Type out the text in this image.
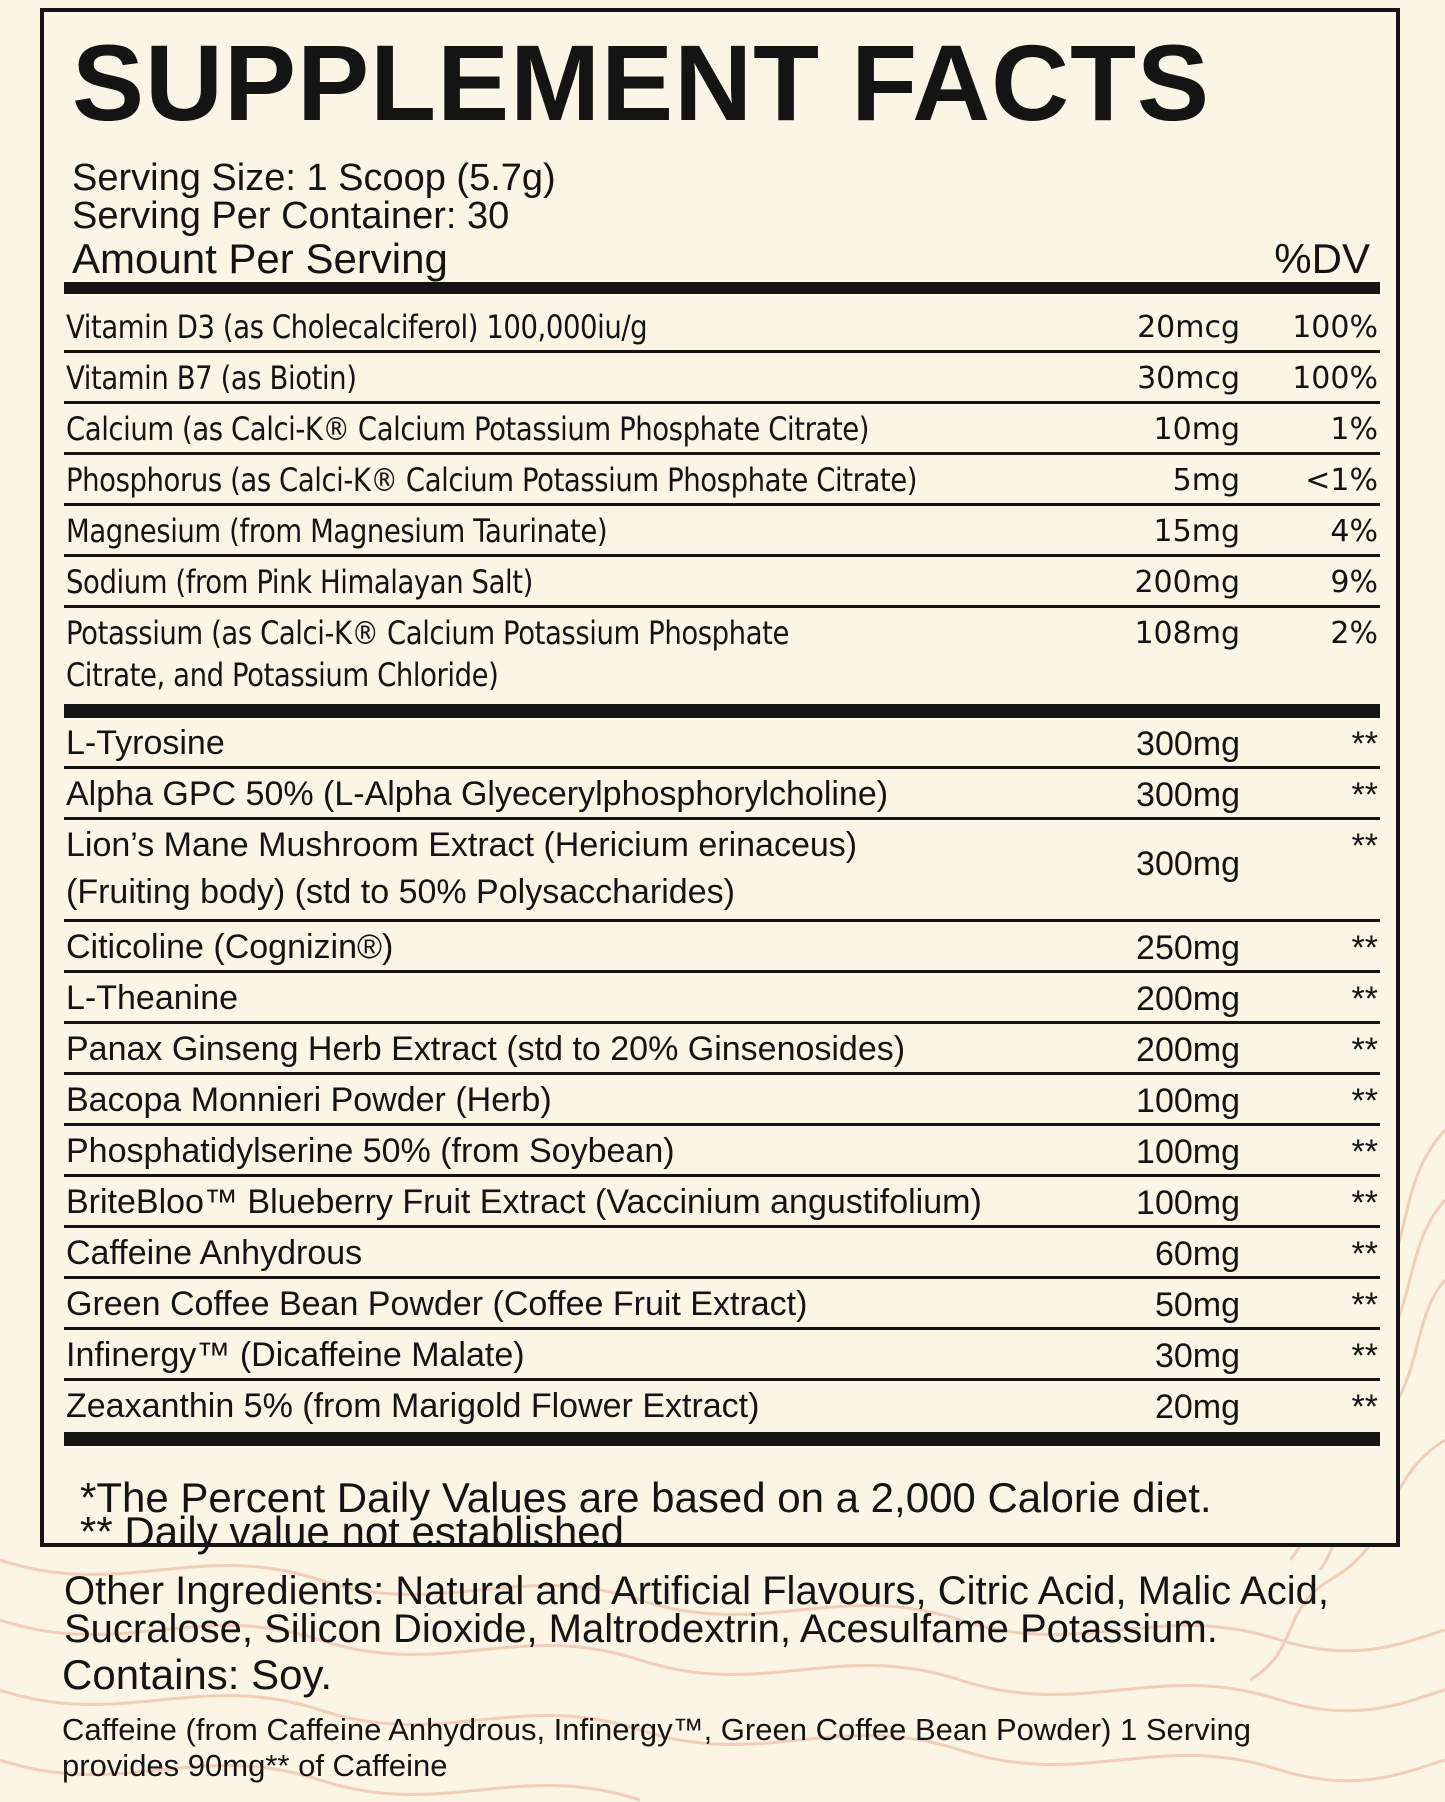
SUPPLEMENT FACTS
Serving Size: 1 Scoop (5.7g)
Serving Per Container: 30
Amount Per Serving	%DV
Vitamin D3 (as Cholecalciferol) 100,000iu/g	20mcg 100%
Vitamin B7 (as Biotin)	30mcg 100%
Calcium (as Calci-K® Calcium Potassium Phosphate Citrate)	10mg	1%
Phosphorus (as Calci-K® Calcium Potassium Phosphate Citrate)	5mg <1%
Magnesium (from Magnesium Taurinate)	15mg	4%
Sodium (from Pink Himalayan Salt)	200mg	9%
Potassium (as Calci-K® Calcium Potassium Phosphate
Citrate, and Potassium Chloride)
108mg	2%
L-Tyrosine	300mg	**
Alpha GPC 50% (L-Alpha Glyecerylphosphorylcholine)	300mg	**
Lion’s Mane Mushroom Extract (Hericium erinaceus)
(Fruiting body) (std to 50% Polysaccharides)
300mg	**
Citicoline (Cognizin®)	250mg	**
L-Theanine	200mg	**
Panax Ginseng Herb Extract (std to 20% Ginsenosides)	200mg	**
Bacopa Monnieri Powder (Herb)	100mg	**
Phosphatidylserine 50% (from Soybean)	100mg	**
BriteBloo™ Blueberry Fruit Extract (Vaccinium angustifolium)	100mg	**
Caffeine Anhydrous	60mg	**
Green Coffee Bean Powder (Coffee Fruit Extract)	50mg	**
Infinergy™ (Dicaffeine Malate)	30mg	**
Zeaxanthin 5% (from Marigold Flower Extract)	20mg	**
*The Percent Daily Values are based on a 2,000 Calorie diet.
** Daily value not established
Other Ingredients: Natural and Artificial Flavours, Citric Acid, Malic Acid, Sucralose, Silicon Dioxide, Maltrodextrin, Acesulfame Potassium.
Contains: Soy.
Caffeine (from Caffeine Anhydrous, Infinergy™, Green Coffee Bean Powder) 1 Serving provides 90mg** of Caffeine
